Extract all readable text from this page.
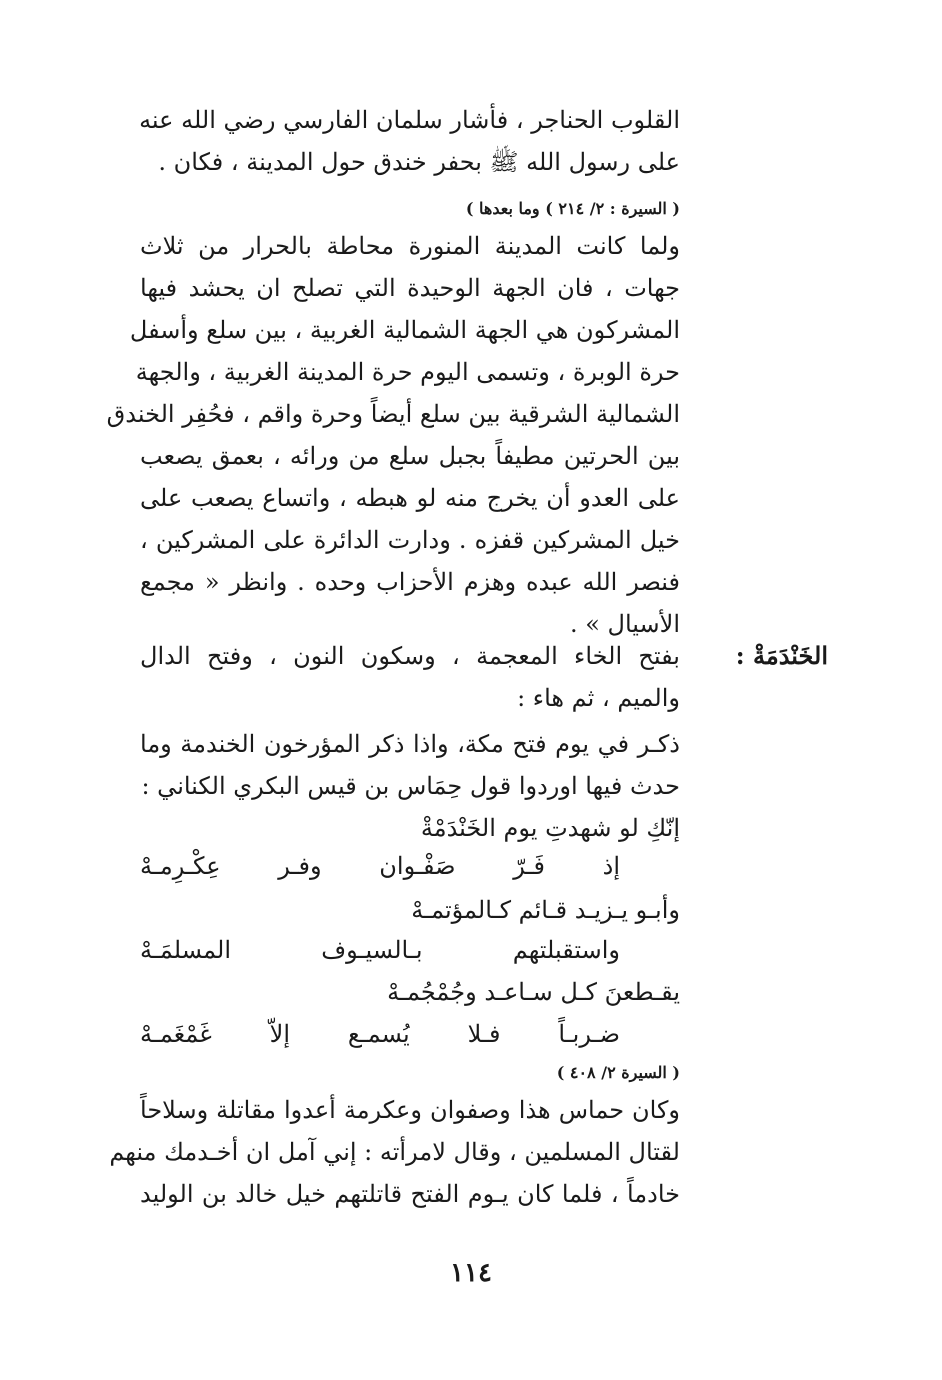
القلوب الحناجر ، فأشار سلمان الفارسي رضي الله عنه
على رسول الله ﷺ بحفر خندق حول المدينة ، فكان .
( السيرة : ٢/ ٢١٤ ) وما بعدها )
ولما كانت المدينة المنورة محاطة بالحرار من ثلاث
جهات ، فان الجهة الوحيدة التي تصلح ان يحشد فيها
المشركون هي الجهة الشمالية الغربية ، بين سلع وأسفل
حرة الوبرة ، وتسمى اليوم حرة المدينة الغربية ، والجهة
الشمالية الشرقية بين سلع أيضاً وحرة واقم ، فحُفِر الخندق
بين الحرتين مطيفاً بجبل سلع من ورائه ، بعمق يصعب
على العدو أن يخرج منه لو هبطه ، واتساع يصعب على
خيل المشركين قفزه . ودارت الدائرة على المشركين ،
فنصر الله عبده وهزم الأحزاب وحده . وانظر « مجمع
الأسيال » .
الخَنْدَمَةْ :
بفتح الخاء المعجمة ، وسكون النون ، وفتح الدال
والميم ، ثم هاء :
ذكـر في يوم فتح مكة، واذا ذكر المؤرخون الخندمة وما
حدث فيها اوردوا قول حِمَاس بن قيس البكري الكناني :
إنّكِ لو شهدتِ يوم الخَنْدَمْةْ
إذ فَـرّ صَفْـوان وفـر عِكْـرِمـهْ
وأبـو يـزيـد قـائم كـالمؤتمـهْ
واستقبلتهم بـالسيـوف المسلمَـهْ
يقـطعنَ كـل سـاعـد وجُمْجُمـهْ
ضـربـاً فـلا يُسمـع إلاّ غَمْغَمـهْ
( السيرة ٢/ ٤٠٨ )
وكان حماس هذا وصفوان وعكرمة أعدوا مقاتلة وسلاحاً
لقتال المسلمين ، وقال لامرأته : إني آمل ان أخـدمك منهم
خادماً ، فلما كان يـوم الفتح قاتلتهم خيل خالد بن الوليد
١١٤
